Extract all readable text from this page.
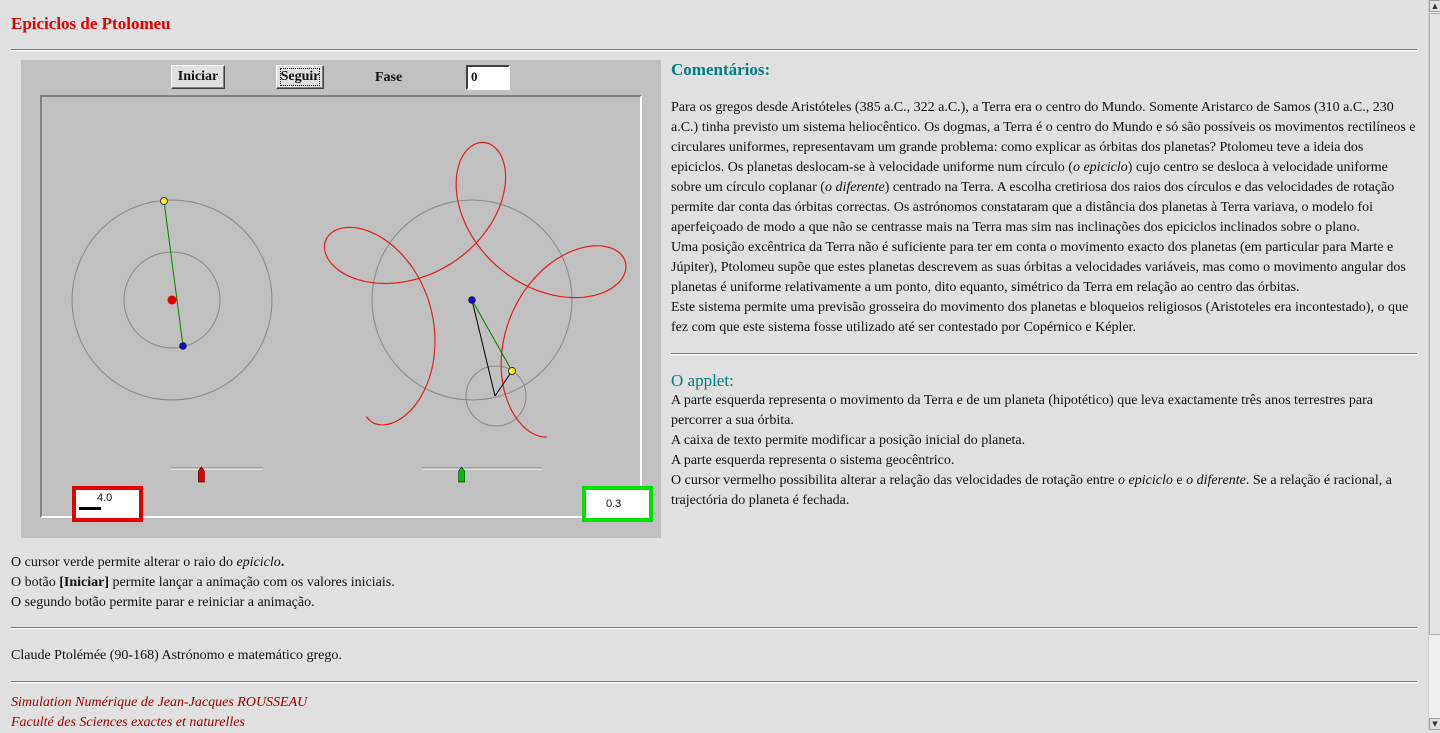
Epiciclos de Ptolomeu
Iniciar	Seguir	Fase	0
4.0	0.3
Comentários:

Para os gregos desde Aristóteles (385 a.C., 322 a.C.), a Terra era o centro do Mundo. Somente Aristarco de Samos (310 a.C., 230 a.C.) tinha previsto um sistema heliocêntico. Os dogmas, a Terra é o centro do Mundo e só são possíveis os movimentos rectilíneos e circulares uniformes, representavam um grande problema: como explicar as órbitas dos planetas? Ptolomeu teve a ideia dos epiciclos. Os planetas deslocam-se à velocidade uniforme num círculo (o epiciclo) cujo centro se desloca à velocidade uniforme sobre um círculo coplanar (o diferente) centrado na Terra. A escolha cretiriosa dos raios dos círculos e das velocidades de rotação permite dar conta das órbitas correctas. Os astrónomos constataram que a distância dos planetas à Terra variava, o modelo foi aperfeiçoado de modo a que não se centrasse mais na Terra mas sim nas inclinações dos epiciclos inclinados sobre o plano.

Uma posição excêntrica da Terra não é suficiente para ter em conta o movimento exacto dos planetas (em particular para Marte e Júpiter), Ptolomeu supõe que estes planetas descrevem as suas órbitas a velocidades variáveis, mas como o movimento angular dos planetas é uniforme relativamente a um ponto, dito equanto, simétrico da Terra em relação ao centro das órbitas.

Este sistema permite uma previsão grosseira do movimento dos planetas e bloqueios religiosos (Aristoteles era incontestado), o que fez com que este sistema fosse utilizado até ser contestado por Copérnico e Képler.

O applet:

A parte esquerda representa o movimento da Terra e de um planeta (hipotético) que leva exactamente três anos terrestres para percorrer a sua órbita.

A caixa de texto permite modificar a posição inicial do planeta.

A parte esquerda representa o sistema geocêntrico.

O cursor vermelho possibilita alterar a relação das velocidades de rotação entre o epiciclo e o diferente. Se a relação é racional, a trajectória do planeta é fechada.

O cursor verde permite alterar o raio do epiciclo.
O botão [Iniciar] permite lançar a animação com os valores iniciais.
O segundo botão permite parar e reiniciar a animação.
Claude Ptolémée (90-168) Astrónomo e matemático grego.
Simulation Numérique de Jean-Jacques ROUSSEAU
Faculté des Sciences exactes et naturelles
▲
▼
